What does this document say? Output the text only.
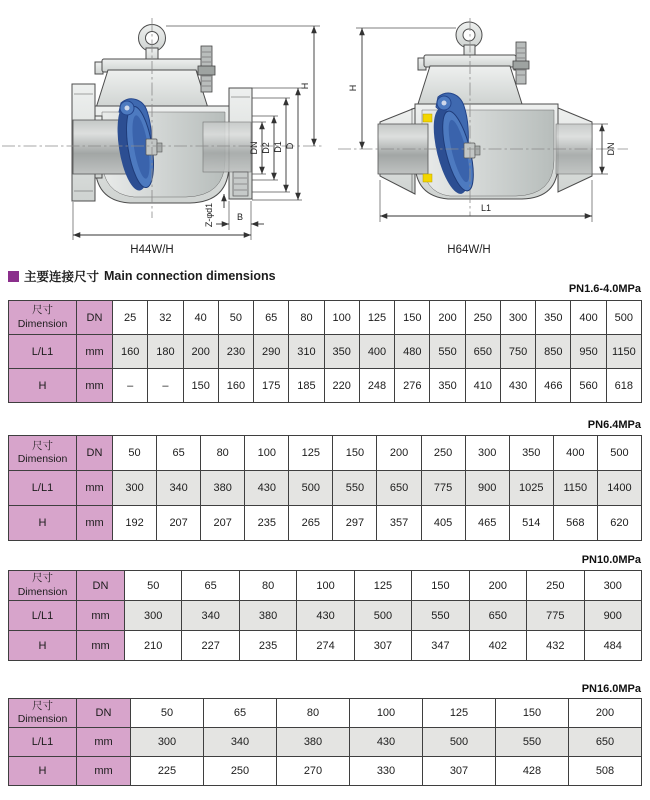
DN D2 D1 D
H
B
Z-φd1
H44W/H
H
DN
L1
H64W/H
主要连接尺寸 Main connection dimensions
PN1.6-4.0MPa
PN6.4MPa
PN10.0MPa
PN16.0MPa
尺寸
Dimension	DN	25	32	40	50	65	80	100	125	150	200	250	300	350	400	500
L/L1	mm	160	180	200	230	290	310	350	400	480	550	650	750	850	950	1150
H	mm	–	–	150	160	175	185	220	248	276	350	410	430	466	560	618
尺寸
Dimension	DN	50	65	80	100	125	150	200	250	300	350	400	500
L/L1	mm	300	340	380	430	500	550	650	775	900	1025	1150	1400
H	mm	192	207	207	235	265	297	357	405	465	514	568	620
尺寸
Dimension	DN	50	65	80	100	125	150	200	250	300
L/L1	mm	300	340	380	430	500	550	650	775	900
H	mm	210	227	235	274	307	347	402	432	484
尺寸
Dimension	DN	50	65	80	100	125	150	200
L/L1	mm	300	340	380	430	500	550	650
H	mm	225	250	270	330	307	428	508
